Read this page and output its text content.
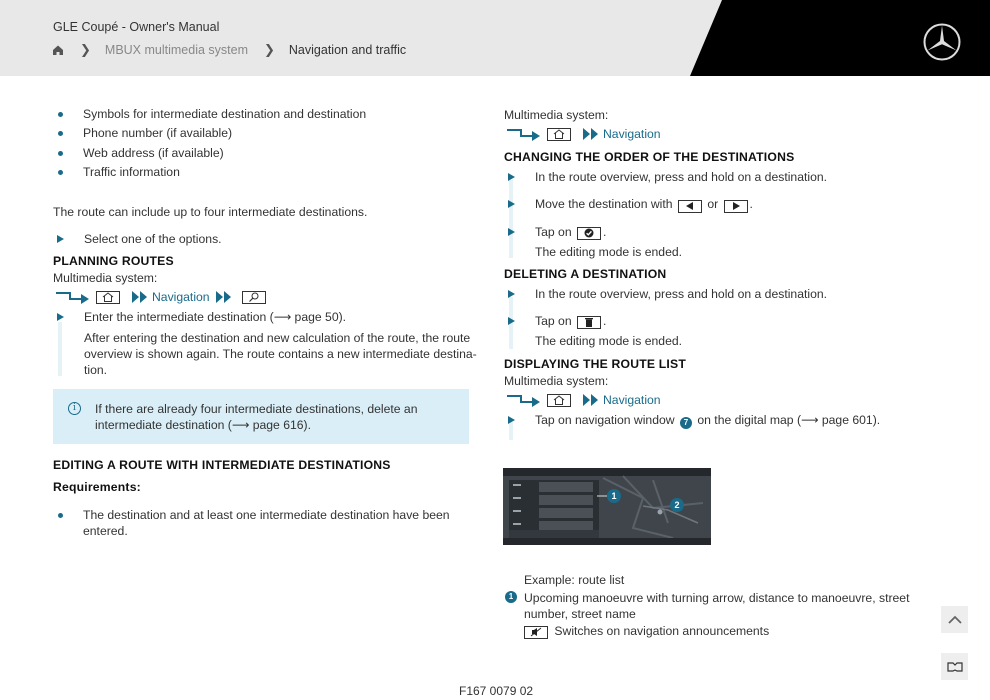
GLE Coupé - Owner's Manual
❯ MBUX multimedia system ❯ Navigation and traffic
Symbols for intermediate destination and destination
Phone number (if available)
Web address (if available)
Traffic information
The route can include up to four intermediate destinations.
Select one of the options.
PLANNING ROUTES
Multimedia system:
Navigation
Enter the intermediate destination (⟶ page 50).
After entering the destination and new calculation of the route, the route
overview is shown again. The route contains a new intermediate destina-
tion.
i	If there are already four intermediate destinations, delete an
intermediate destination (⟶ page 616).
EDITING A ROUTE WITH INTERMEDIATE DESTINATIONS
Requirements:
The destination and at least one intermediate destination have been
entered.
Multimedia system:
Navigation
CHANGING THE ORDER OF THE DESTINATIONS
In the route overview, press and hold on a destination.
Move the destination with	or	.
Tap on	.
The editing mode is ended.
DELETING A DESTINATION
In the route overview, press and hold on a destination.
Tap on	.
The editing mode is ended.
DISPLAYING THE ROUTE LIST
Multimedia system:
Navigation
Tap on navigation window 7 on the digital map (⟶ page 601).
1
2
Example: route list
1 Upcoming manoeuvre with turning arrow, distance to manoeuvre, street
number, street name
Switches on navigation announcements
F167 0079 02
